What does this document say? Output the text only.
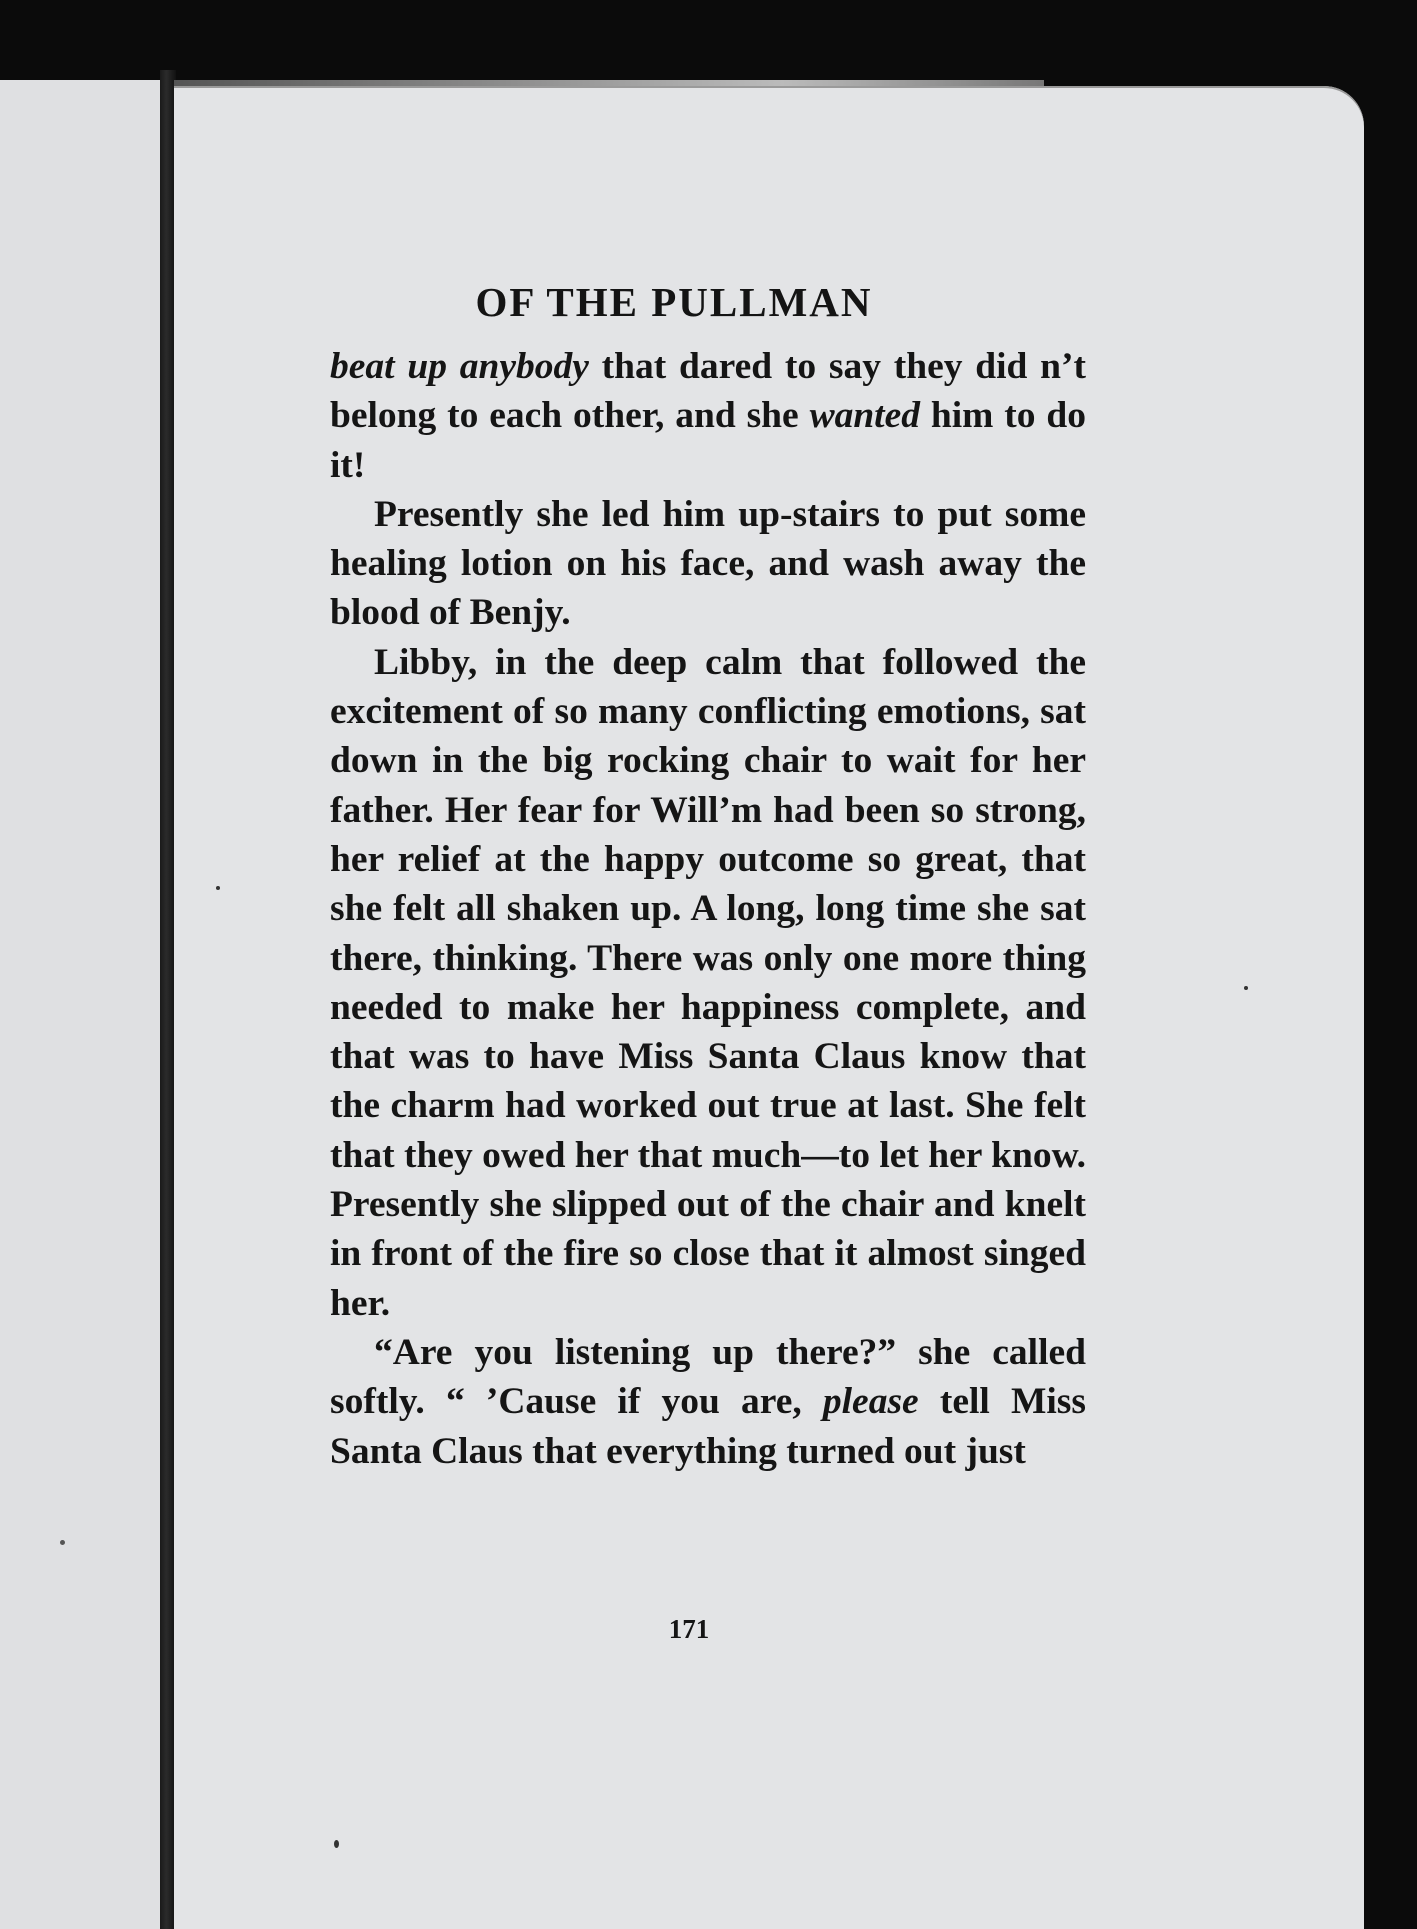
OF THE PULLMAN

beat up anybody that dared to say they did n’t belong to each other, and she wanted him to do it!

Presently she led him up-stairs to put some healing lotion on his face, and wash away the blood of Benjy.

Libby, in the deep calm that followed the excitement of so many conflicting emotions, sat down in the big rocking chair to wait for her father. Her fear for Will’m had been so strong, her relief at the happy outcome so great, that she felt all shaken up. A long, long time she sat there, thinking. There was only one more thing needed to make her happiness complete, and that was to have Miss Santa Claus know that the charm had worked out true at last. She felt that they owed her that much—to let her know. Presently she slipped out of the chair and knelt in front of the fire so close that it almost singed her.

“Are you listening up there?” she called softly. “ ’Cause if you are, please tell Miss Santa Claus that everything turned out just

171
